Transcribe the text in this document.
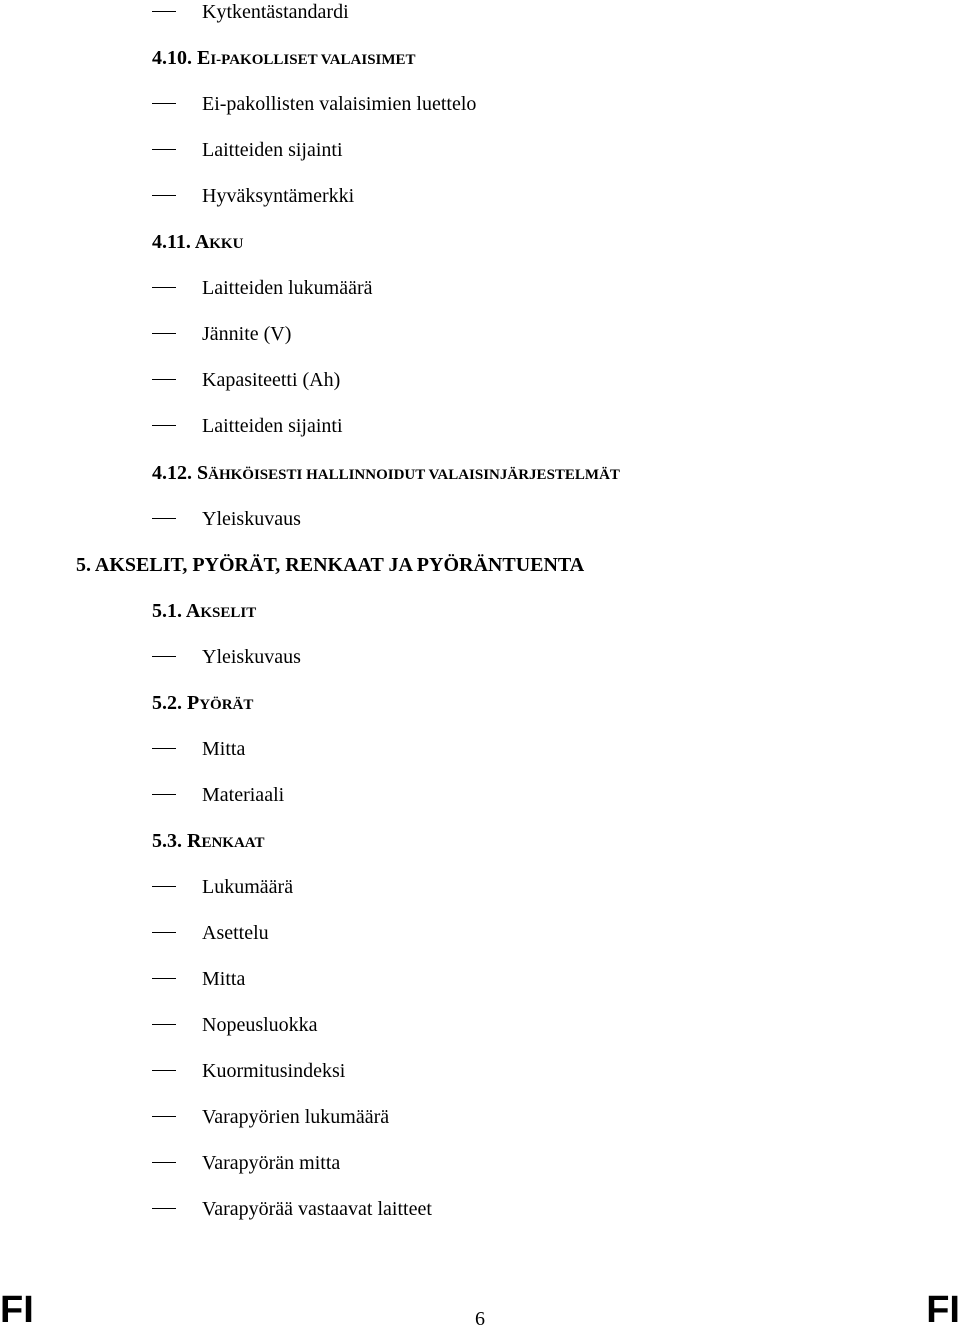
Kytkentästandardi
4.10. EI-PAKOLLISET VALAISIMET
Ei-pakollisten valaisimien luettelo
Laitteiden sijainti
Hyväksyntämerkki
4.11. AKKU
Laitteiden lukumäärä
Jännite (V)
Kapasiteetti (Ah)
Laitteiden sijainti
4.12. SÄHKÖISESTI HALLINNOIDUT VALAISINJÄRJESTELMÄT
Yleiskuvaus
5. AKSELIT, PYÖRÄT, RENKAAT JA PYÖRÄNTUENTA
5.1. AKSELIT
Yleiskuvaus
5.2. PYÖRÄT
Mitta
Materiaali
5.3. RENKAAT
Lukumäärä
Asettelu
Mitta
Nopeusluokka
Kuormitusindeksi
Varapyörien lukumäärä
Varapyörän mitta
Varapyörää vastaavat laitteet
FI	6	FI
